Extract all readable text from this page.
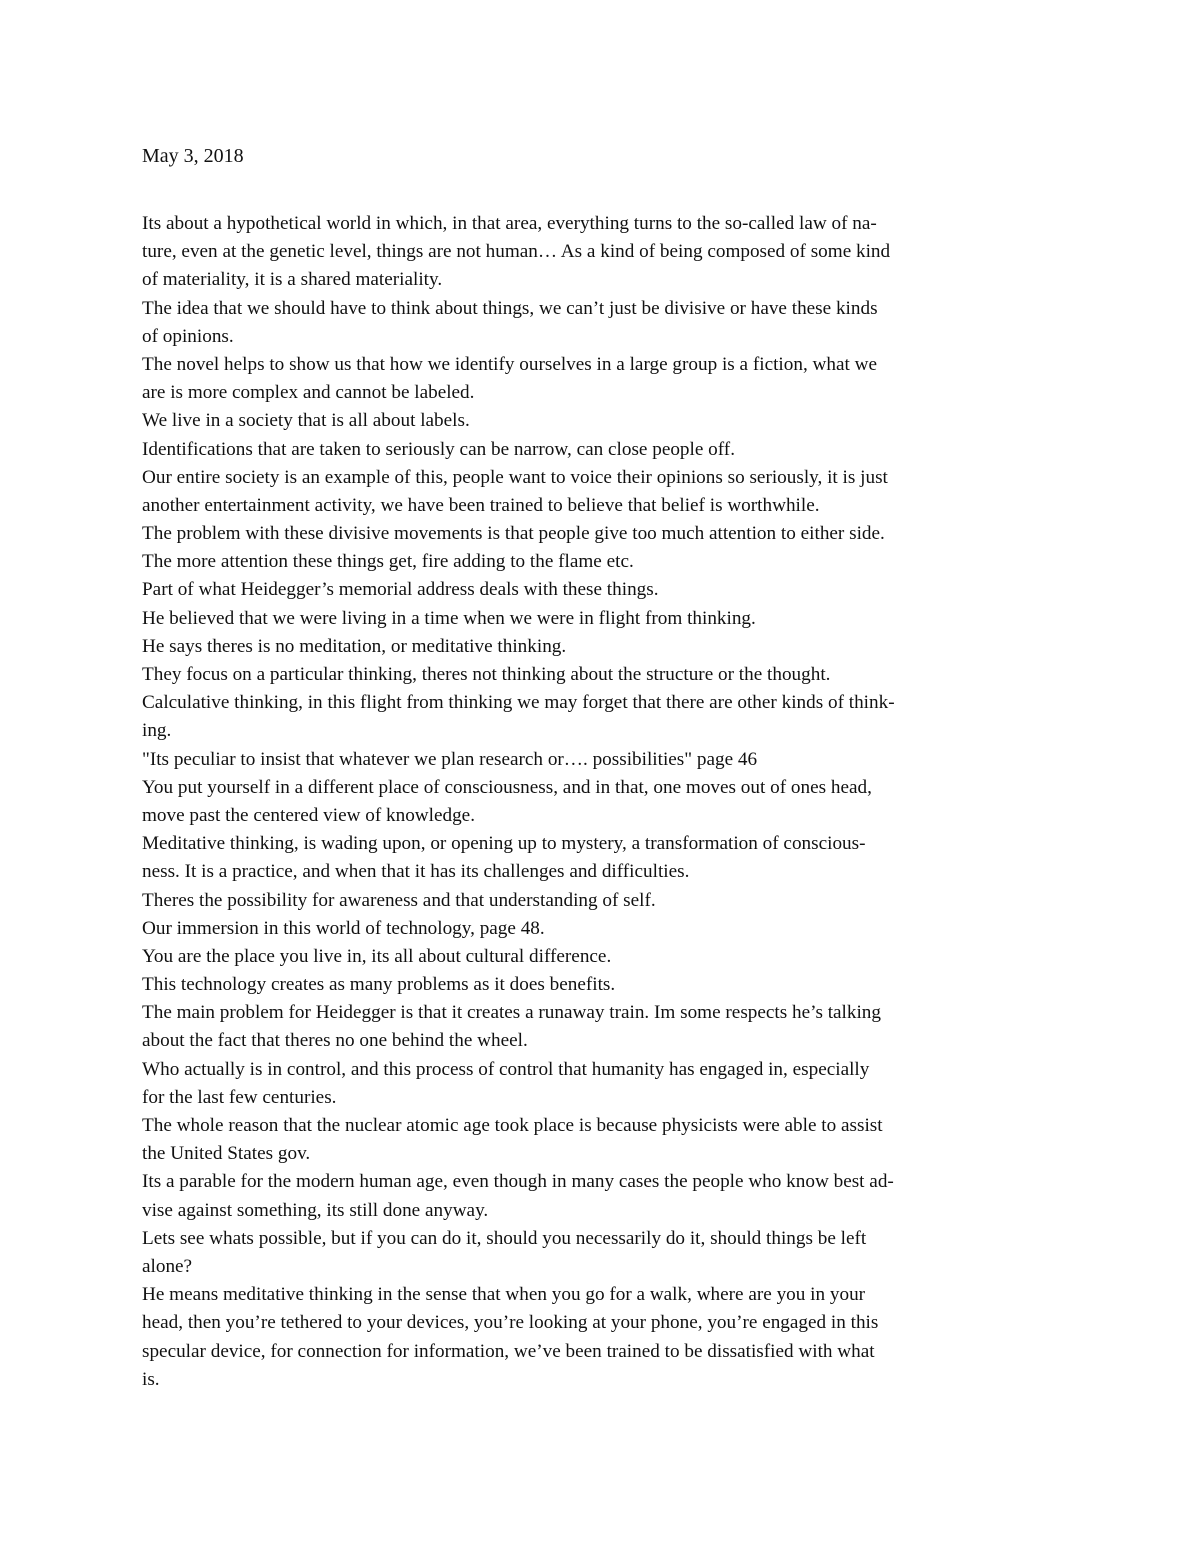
May 3, 2018
Its about a hypothetical world in which, in that area, everything turns to the so-called law of na-
ture, even at the genetic level, things are not human… As a kind of being composed of some kind
of materiality, it is a shared materiality.
The idea that we should have to think about things, we can’t just be divisive or have these kinds
of opinions.
The novel helps to show us that how we identify ourselves in a large group is a fiction, what we
are is more complex and cannot be labeled.
We live in a society that is all about labels.
Identifications that are taken to seriously can be narrow, can close people off.
Our entire society is an example of this, people want to voice their opinions so seriously, it is just
another entertainment activity, we have been trained to believe that belief is worthwhile.
The problem with these divisive movements is that people give too much attention to either side.
The more attention these things get, fire adding to the flame etc.
Part of what Heidegger’s memorial address deals with these things.
He believed that we were living in a time when we were in flight from thinking.
He says theres is no meditation, or meditative thinking.
They focus on a particular thinking, theres not thinking about the structure or the thought.
Calculative thinking, in this flight from thinking we may forget that there are other kinds of think-
ing.
"Its peculiar to insist that whatever we plan research or…. possibilities" page 46
You put yourself in a different place of consciousness, and in that, one moves out of ones head,
move past the centered view of knowledge.
Meditative thinking, is wading upon, or opening up to mystery, a transformation of conscious-
ness. It is a practice, and when that it has its challenges and difficulties.
Theres the possibility for awareness and that understanding of self.
Our immersion in this world of technology, page 48.
You are the place you live in, its all about cultural difference.
This technology creates as many problems as it does benefits.
The main problem for Heidegger is that it creates a runaway train. Im some respects he’s talking
about the fact that theres no one behind the wheel.
Who actually is in control, and this process of control that humanity has engaged in, especially
for the last few centuries.
The whole reason that the nuclear atomic age took place is because physicists were able to assist
the United States gov.
Its a parable for the modern human age, even though in many cases the people who know best ad-
vise against something, its still done anyway.
Lets see whats possible, but if you can do it, should you necessarily do it, should things be left
alone?
He means meditative thinking in the sense that when you go for a walk, where are you in your
head, then you’re tethered to your devices, you’re looking at your phone, you’re engaged in this
specular device, for connection for information, we’ve been trained to be dissatisfied with what
is.
